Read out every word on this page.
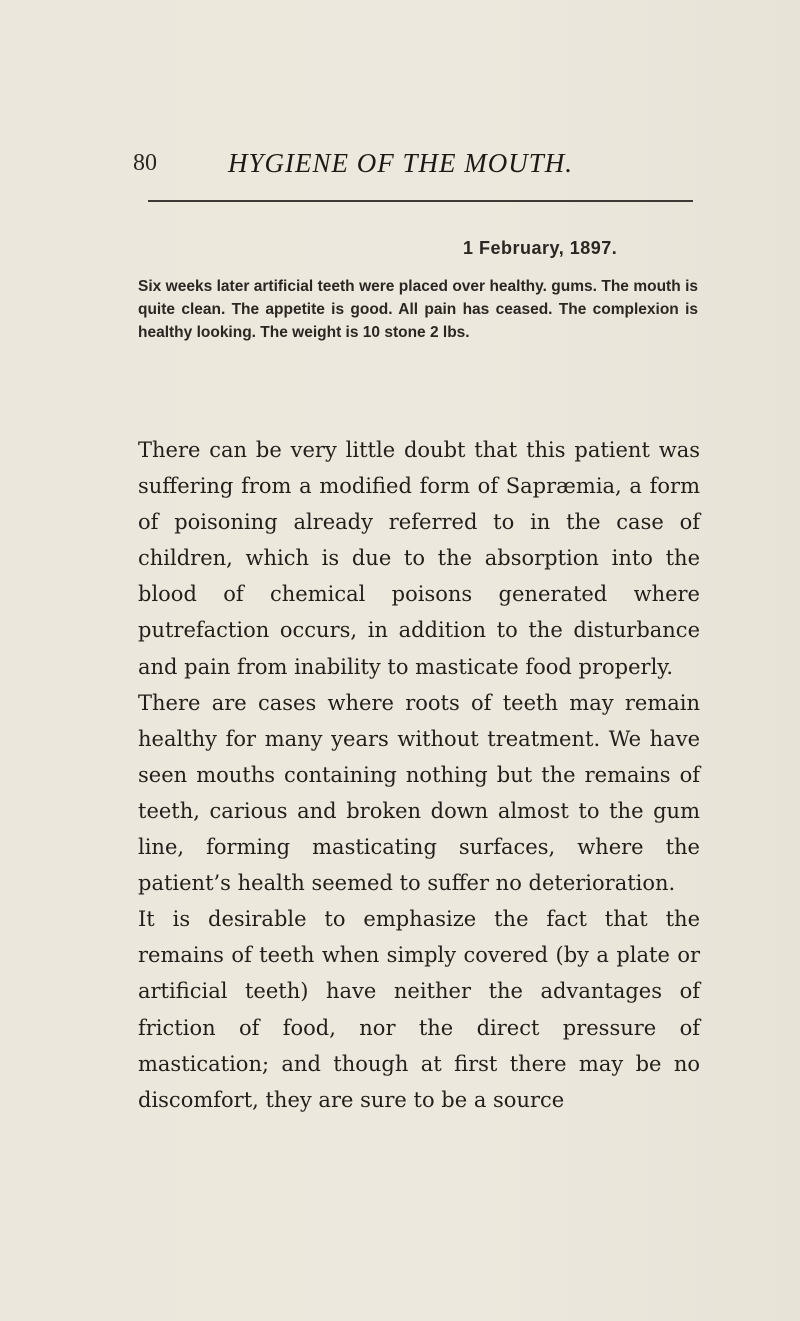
80	HYGIENE OF THE MOUTH.
1 February, 1897.

Six weeks later artificial teeth were placed over healthy. gums. The mouth is quite clean. The appetite is good. All pain has ceased. The complexion is healthy looking. The weight is 10 stone 2 lbs.

There can be very little doubt that this patient was suffering from a modified form of Sapræmia, a form of poisoning already referred to in the case of children, which is due to the absorption into the blood of chemical poisons generated where putrefaction occurs, in addition to the disturbance and pain from inability to masticate food properly.

There are cases where roots of teeth may remain healthy for many years without treatment. We have seen mouths containing nothing but the remains of teeth, carious and broken down almost to the gum line, forming masticating surfaces, where the patient’s health seemed to suffer no deterioration.

It is desirable to emphasize the fact that the remains of teeth when simply covered (by a plate or artificial teeth) have neither the advantages of friction of food, nor the direct pressure of mastication; and though at first there may be no discomfort, they are sure to be a source
